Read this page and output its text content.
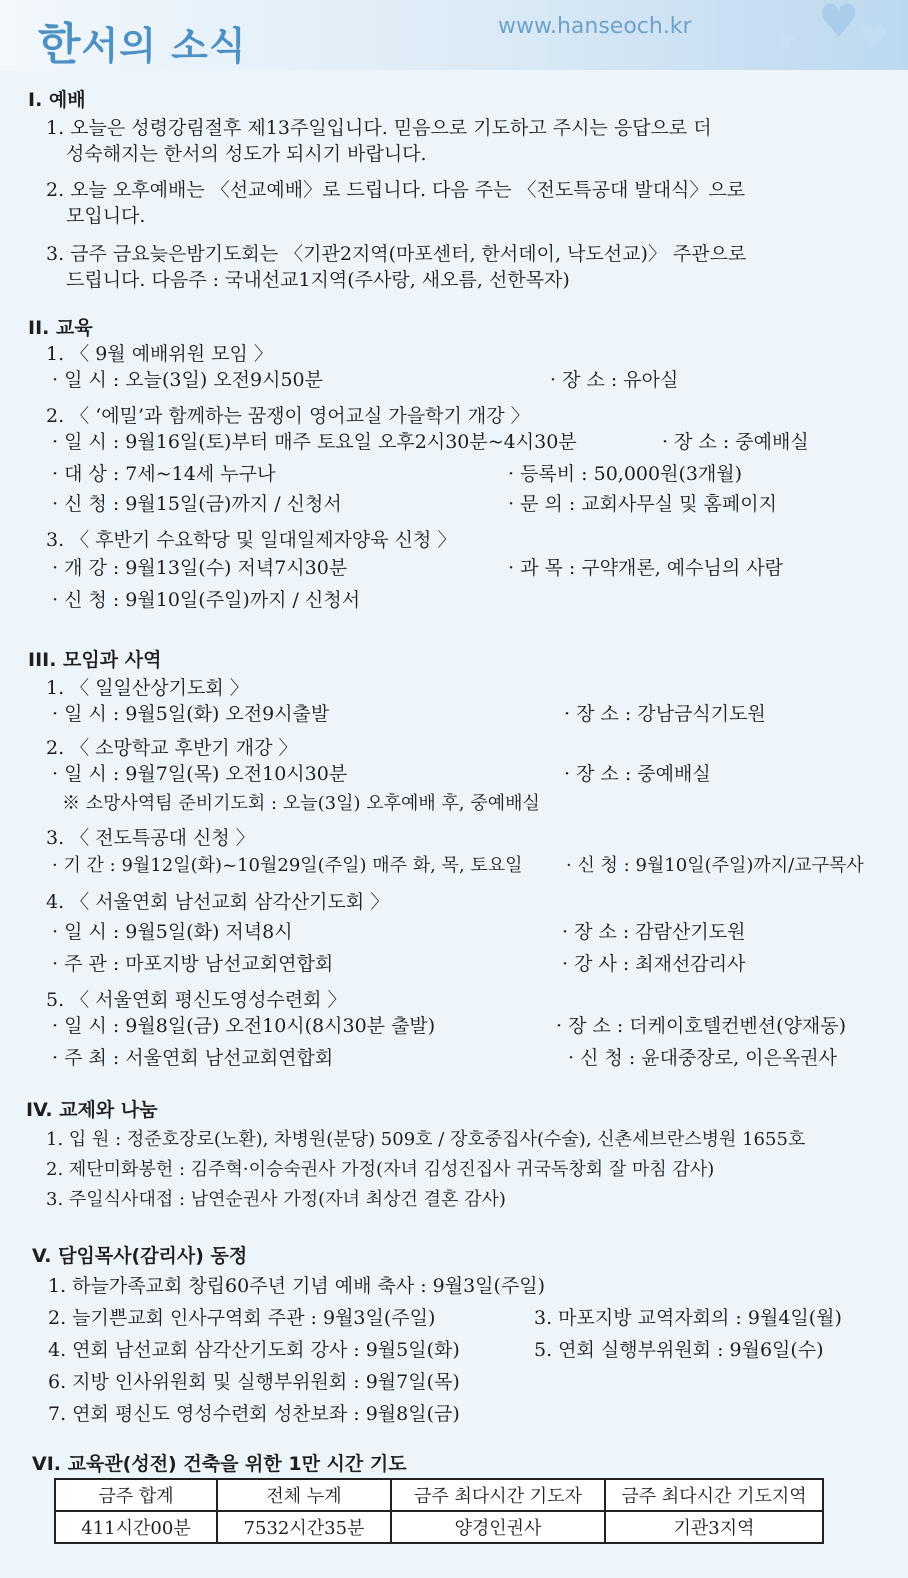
한서의 소식	www.hanseoch.kr	♥
♥
♥
I. 예배
1. 오늘은 성령강림절후 제13주일입니다. 믿음으로 기도하고 주시는 응답으로 더
성숙해지는 한서의 성도가 되시기 바랍니다.
2. 오늘 오후예배는 〈선교예배〉로 드립니다. 다음 주는 〈전도특공대 발대식〉으로
모입니다.
3. 금주 금요늦은밤기도회는 〈기관2지역(마포센터, 한서데이, 낙도선교)〉 주관으로
드립니다. 다음주 : 국내선교1지역(주사랑, 새오름, 선한목자)
II. 교육
1. 〈 9월 예배위원 모임 〉
· 일 시 : 오늘(3일) 오전9시50분	· 장 소 : 유아실
2. 〈 ‘에밀’과 함께하는 꿈쟁이 영어교실 가을학기 개강 〉
· 일 시 : 9월16일(토)부터 매주 토요일 오후2시30분~4시30분	· 장 소 : 중예배실
· 대 상 : 7세~14세 누구나	· 등록비 : 50,000원(3개월)
· 신 청 : 9월15일(금)까지 / 신청서	· 문 의 : 교회사무실 및 홈페이지
3. 〈 후반기 수요학당 및 일대일제자양육 신청 〉
· 개 강 : 9월13일(수) 저녁7시30분	· 과 목 : 구약개론, 예수님의 사람
· 신 청 : 9월10일(주일)까지 / 신청서
III. 모임과 사역
1. 〈 일일산상기도회 〉
· 일 시 : 9월5일(화) 오전9시출발	· 장 소 : 강남금식기도원
2. 〈 소망학교 후반기 개강 〉
· 일 시 : 9월7일(목) 오전10시30분	· 장 소 : 중예배실
※ 소망사역팀 준비기도회 : 오늘(3일) 오후예배 후, 중예배실
3. 〈 전도특공대 신청 〉
· 기 간 : 9월12일(화)~10월29일(주일) 매주 화, 목, 토요일 · 신 청 : 9월10일(주일)까지/교구목사
4. 〈 서울연회 남선교회 삼각산기도회 〉
· 일 시 : 9월5일(화) 저녁8시	· 장 소 : 감람산기도원
· 주 관 : 마포지방 남선교회연합회	· 강 사 : 최재선감리사
5. 〈 서울연회 평신도영성수련회 〉
· 일 시 : 9월8일(금) 오전10시(8시30분 출발)	· 장 소 : 더케이호텔컨벤션(양재동)
· 주 최 : 서울연회 남선교회연합회	· 신 청 : 윤대중장로, 이은옥권사
IV. 교제와 나눔
1. 입 원 : 정준호장로(노환), 차병원(분당) 509호 / 장호중집사(수술), 신촌세브란스병원 1655호
2. 제단미화봉헌 : 김주혁·이승숙권사 가정(자녀 김성진집사 귀국독창회 잘 마침 감사)
3. 주일식사대접 : 남연순권사 가정(자녀 최상건 결혼 감사)
V. 담임목사(감리사) 동정
1. 하늘가족교회 창립60주년 기념 예배 축사 : 9월3일(주일)
2. 늘기쁜교회 인사구역회 주관 : 9월3일(주일)	3. 마포지방 교역자회의 : 9월4일(월)
4. 연회 남선교회 삼각산기도회 강사 : 9월5일(화)	5. 연회 실행부위원회 : 9월6일(수)
6. 지방 인사위원회 및 실행부위원회 : 9월7일(목)
7. 연회 평신도 영성수련회 성찬보좌 : 9월8일(금)
VI. 교육관(성전) 건축을 위한 1만 시간 기도
금주 합계	전체 누계	금주 최다시간 기도자	금주 최다시간 기도지역
411시간00분	7532시간35분	양경인권사	기관3지역
